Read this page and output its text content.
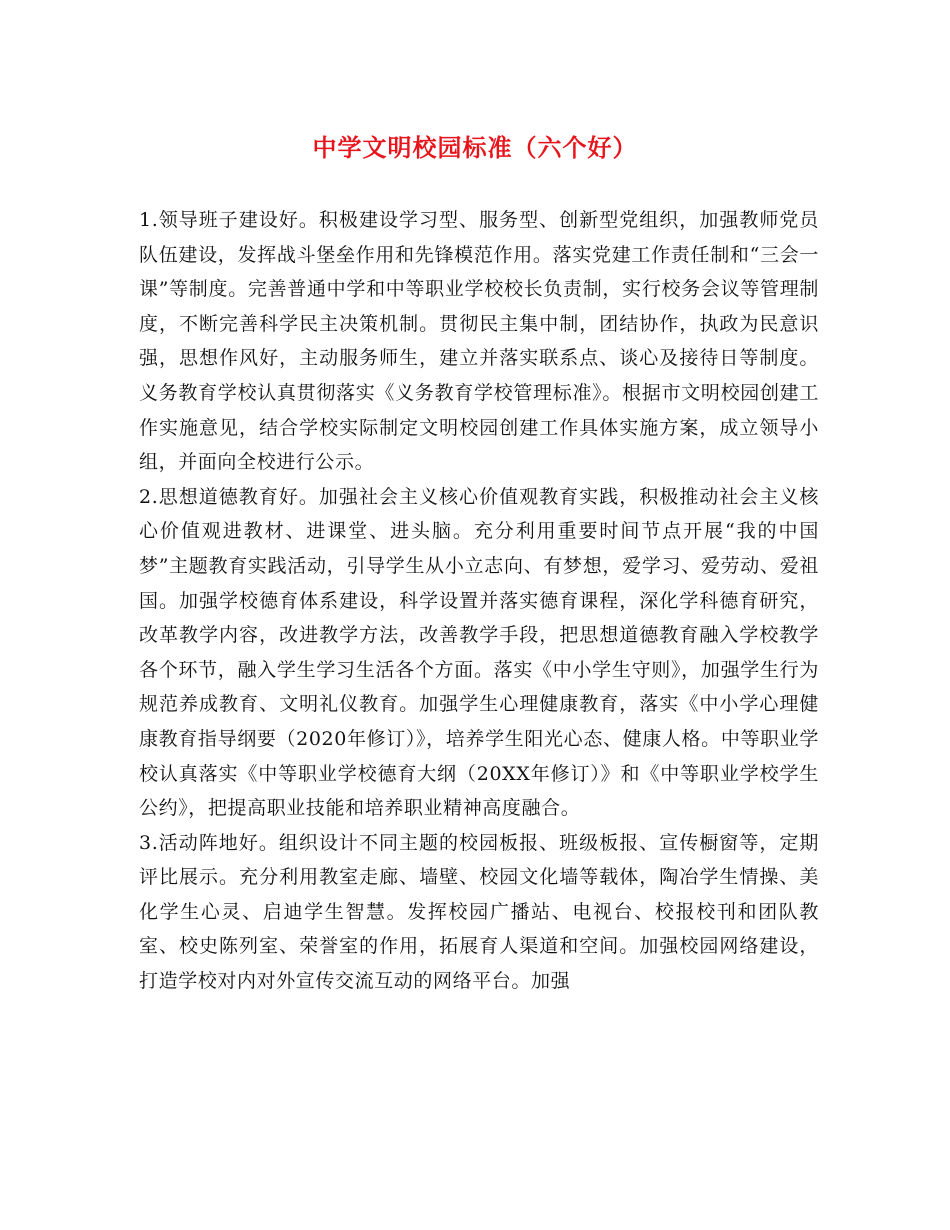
中学文明校园标准（六个好）

1.领导班子建设好。积极建设学习型、服务型、创新型党组织，加强教师党员队伍建设，发挥战斗堡垒作用和先锋模范作用。落实党建工作责任制和“三会一课”等制度。完善普通中学和中等职业学校校长负责制，实行校务会议等管理制度，不断完善科学民主决策机制。贯彻民主集中制，团结协作，执政为民意识强，思想作风好，主动服务师生，建立并落实联系点、谈心及接待日等制度。义务教育学校认真贯彻落实《义务教育学校管理标准》。根据市文明校园创建工作实施意见，结合学校实际制定文明校园创建工作具体实施方案，成立领导小组，并面向全校进行公示。

2.思想道德教育好。加强社会主义核心价值观教育实践，积极推动社会主义核心价值观进教材、进课堂、进头脑。充分利用重要时间节点开展“我的中国梦”主题教育实践活动，引导学生从小立志向、有梦想，爱学习、爱劳动、爱祖国。加强学校德育体系建设，科学设置并落实德育课程，深化学科德育研究，改革教学内容，改进教学方法，改善教学手段，把思想道德教育融入学校教学各个环节，融入学生学习生活各个方面。落实《中小学生守则》，加强学生行为规范养成教育、文明礼仪教育。加强学生心理健康教育，落实《中小学心理健康教育指导纲要（2020年修订）》，培养学生阳光心态、健康人格。中等职业学校认真落实《中等职业学校德育大纲（20XX年修订）》和《中等职业学校学生公约》，把提高职业技能和培养职业精神高度融合。

3.活动阵地好。组织设计不同主题的校园板报、班级板报、宣传橱窗等，定期评比展示。充分利用教室走廊、墙壁、校园文化墙等载体，陶冶学生情操、美化学生心灵、启迪学生智慧。发挥校园广播站、电视台、校报校刊和团队教室、校史陈列室、荣誉室的作用，拓展育人渠道和空间。加强校园网络建设，打造学校对内对外宣传交流互动的网络平台。加强
